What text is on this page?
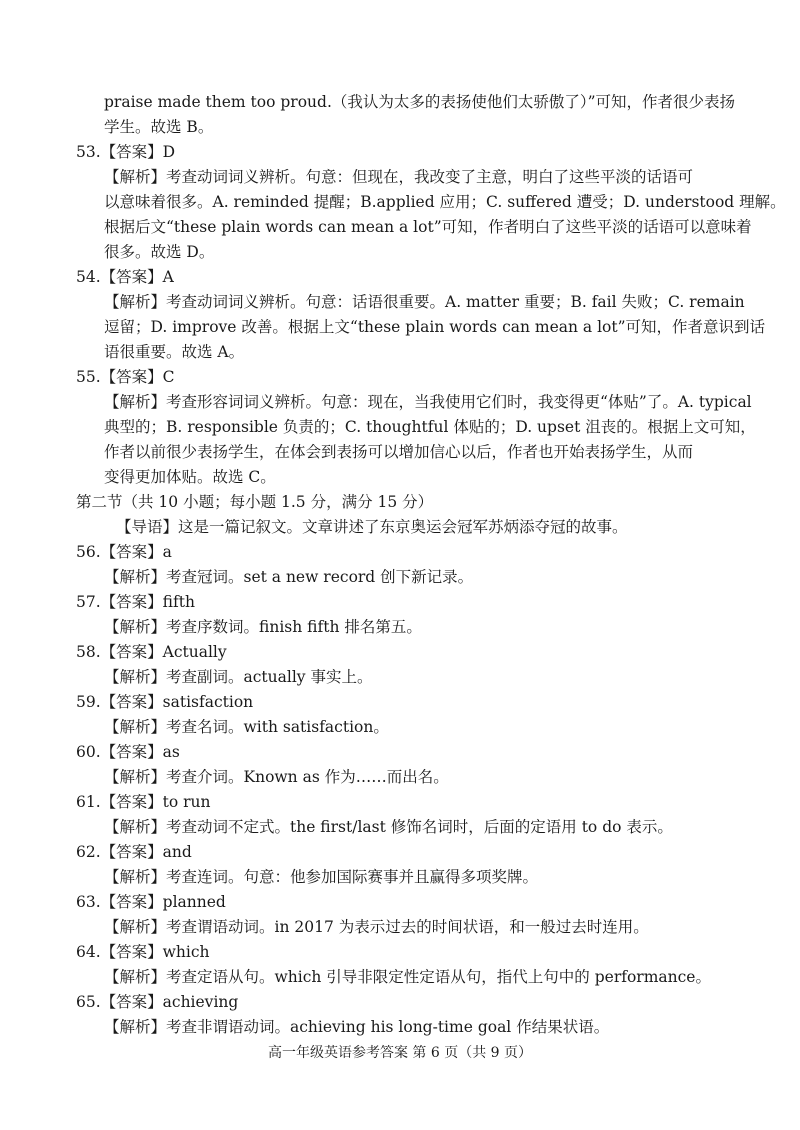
praise made them too proud.（我认为太多的表扬使他们太骄傲了）”可知，作者很少表扬
学生。故选 B。
53.【答案】D
【解析】考查动词词义辨析。句意：但现在，我改变了主意，明白了这些平淡的话语可
以意味着很多。A. reminded 提醒；B.applied 应用；C. suffered 遭受；D. understood 理解。
根据后文“these plain words can mean a lot”可知，作者明白了这些平淡的话语可以意味着
很多。故选 D。
54.【答案】A
【解析】考查动词词义辨析。句意：话语很重要。A. matter 重要；B. fail 失败；C. remain
逗留；D. improve 改善。根据上文“these plain words can mean a lot”可知，作者意识到话
语很重要。故选 A。
55.【答案】C
【解析】考查形容词词义辨析。句意：现在，当我使用它们时，我变得更“体贴”了。A. typical
典型的；B. responsible 负责的；C. thoughtful 体贴的；D. upset 沮丧的。根据上文可知，
作者以前很少表扬学生，在体会到表扬可以增加信心以后，作者也开始表扬学生，从而
变得更加体贴。故选 C。
第二节（共 10 小题；每小题 1.5 分，满分 15 分）
【导语】这是一篇记叙文。文章讲述了东京奥运会冠军苏炳添夺冠的故事。
56.【答案】a
【解析】考查冠词。set a new record 创下新记录。
57.【答案】fifth
【解析】考查序数词。finish fifth 排名第五。
58.【答案】Actually
【解析】考查副词。actually 事实上。
59.【答案】satisfaction
【解析】考查名词。with satisfaction。
60.【答案】as
【解析】考查介词。Known as 作为……而出名。
61.【答案】to run
【解析】考查动词不定式。the first/last 修饰名词时，后面的定语用 to do 表示。
62.【答案】and
【解析】考查连词。句意：他参加国际赛事并且赢得多项奖牌。
63.【答案】planned
【解析】考查谓语动词。in 2017 为表示过去的时间状语，和一般过去时连用。
64.【答案】which
【解析】考查定语从句。which 引导非限定性定语从句，指代上句中的 performance。
65.【答案】achieving
【解析】考查非谓语动词。achieving his long-time goal 作结果状语。
高一年级英语参考答案 第 6 页（共 9 页）
